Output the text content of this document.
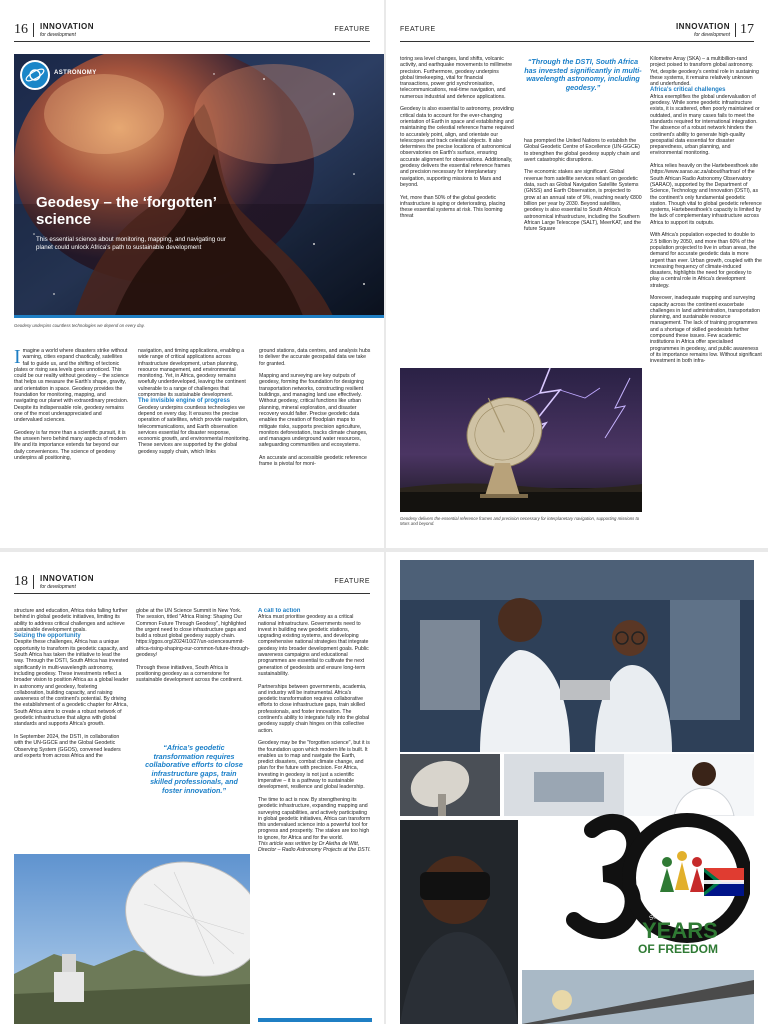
16 INNOVATION
for development
FEATURE
ASTRONOMY
Geodesy – the ‘forgotten’ science
This essential science about monitoring, mapping, and navigating our planet could unlock Africa’s path to sustainable development
Geodesy underpins countless technologies we depend on every day.
Imagine a world where disasters strike without warning, cities expand chaotically, satellites fail to guide us, and the shifting of tectonic plates or rising sea levels goes unnoticed. This could be our reality without geodesy – the science that helps us measure the Earth's shape, gravity, and orientation in space. Geodesy provides the foundation for monitoring, mapping, and navigating our planet with extraordinary precision. Despite its indispensable role, geodesy remains one of the most underappreciated and undervalued sciences.

Geodesy is far more than a scientific pursuit, it is the unseen hero behind many aspects of modern life and its importance extends far beyond our daily conveniences. The science of geodesy underpins all positioning,
navigation, and timing applications, enabling a wide range of critical applications across infrastructure development, urban planning, resource management, and environmental monitoring. Yet, in Africa, geodesy remains woefully underdeveloped, leaving the continent vulnerable to a range of challenges that compromise its sustainable development.
The invisible engine of progress
Geodesy underpins countless technologies we depend on every day. It ensures the precise operation of satellites, which provide navigation, telecommunications, and Earth observation services essential for disaster response, economic growth, and environmental monitoring. These services are supported by the global geodesy supply chain, which links
ground stations, data centres, and analysis hubs to deliver the accurate geospatial data we take for granted.

Mapping and surveying are key outputs of geodesy, forming the foundation for designing transportation networks, constructing resilient buildings, and managing land use effectively. Without geodesy, critical functions like urban planning, mineral exploration, and disaster recovery would falter. Precise geodetic data enables the creation of floodplain maps to mitigate risks, supports precision agriculture, monitors deforestation, tracks climate changes, and manages underground water resources, safeguarding communities and ecosystems.

An accurate and accessible geodetic reference frame is pivotal for moni-
FEATURE	INNOVATION
for development 17
toring sea level changes, land shifts, volcanic activity, and earthquake movements to millimetre precision. Furthermore, geodesy underpins global timekeeping, vital for financial transactions, power grid synchronisation, telecommunications, real-time navigation, and numerous industrial and defence applications.

Geodesy is also essential to astronomy, providing critical data to account for the ever-changing orientation of Earth in space and establishing and maintaining the celestial reference frame required to accurately point, align, and orientate our telescopes and track celestial objects. It also determines the precise locations of astronomical observatories on Earth's surface, ensuring accurate alignment for observations. Additionally, geodesy delivers the essential reference frames and precision necessary for interplanetary navigation, supporting missions to Mars and beyond.

Yet, more than 50% of the global geodetic infrastructure is aging or deteriorating, placing these essential systems at risk. This looming threat
“Through the DSTI, South Africa has invested significantly in multi-wavelength astronomy, including geodesy.”
has prompted the United Nations to establish the Global Geodetic Centre of Excellence (UN-GGCE) to strengthen the global geodesy supply chain and avert catastrophic disruptions.

The economic stakes are significant. Global revenue from satellite services reliant on geodetic data, such as Global Navigation Satellite Systems (GNSS) and Earth Observation, is projected to grow at an annual rate of 9%, reaching nearly €800 billion per year by 2030. Beyond satellites, geodesy is also essential to South Africa's astronomical infrastructure, including the Southern African Large Telescope (SALT), MeerKAT, and the future Square
Geodesy delivers the essential reference frames and precision necessary for interplanetary navigation, supporting missions to Mars and beyond.
Kilometre Array (SKA) – a multibillion-rand project poised to transform global astronomy. Yet, despite geodesy's central role in sustaining these systems, it remains relatively unknown and underfunded.
Africa's critical challenges
Africa exemplifies the global undervaluation of geodesy. While some geodetic infrastructure exists, it is scattered, often poorly maintained or outdated, and in many cases fails to meet the standards required for international integration. The absence of a robust network hinders the continent's ability to generate high-quality geospatial data essential for disaster preparedness, urban planning, and environmental monitoring.

Africa relies heavily on the Hartebeesthoek site (https://www.sarao.ac.za/about/hartrao/ of the South African Radio Astronomy Observatory (SARAO), supported by the Department of Science, Technology and Innovation (DSTI), as the continent's only fundamental geodetic station. Though vital to global geodetic reference systems, Hartebeesthoek's capacity is limited by the lack of complementary infrastructure across Africa to support its outputs.

With Africa's population expected to double to 2.5 billion by 2050, and more than 60% of the population projected to live in urban areas, the demand for accurate geodetic data is more urgent than ever. Urban growth, coupled with the increasing frequency of climate-induced disasters, highlights the need for geodesy to play a central role in Africa's development strategy.

Moreover, inadequate mapping and surveying capacity across the continent exacerbate challenges in land administration, transportation planning, and sustainable resource management. The lack of training programmes and a shortage of skilled geodesists further compound these issues. Few academic institutions in Africa offer specialised programmes in geodesy, and public awareness of its importance remains low. Without significant investment in both infra-
18 INNOVATION
for development
FEATURE
structure and education, Africa risks falling further behind in global geodetic initiatives, limiting its ability to address critical challenges and achieve sustainable development goals.
Seizing the opportunity
Despite these challenges, Africa has a unique opportunity to transform its geodetic capacity, and South Africa has taken the initiative to lead the way. Through the DSTI, South Africa has invested significantly in multi-wavelength astronomy, including geodesy. These investments reflect a broader vision to position Africa as a global leader in astronomy and geodesy, fostering collaboration, building capacity, and raising awareness of the continent's potential. By driving the establishment of a geodetic chapter for Africa, South Africa aims to create a robust network of geodetic infrastructure that aligns with global standards and supports Africa's growth.

In September 2024, the DSTI, in collaboration with the UN-GGCE and the Global Geodetic Observing System (GGOS), convened leaders and experts from across Africa and the
globe at the UN Science Summit in New York. The session, titled "Africa Rising: Shaping Our Common Future Through Geodesy", highlighted the urgent need to close infrastructure gaps and build a robust global geodesy supply chain. https://ggos.org/2024/10/27/un-sciencesummit-africa-rising-shaping-our-common-future-through-geodesy/

Through these initiatives, South Africa is positioning geodesy as a cornerstone for sustainable development across the continent.
“Africa’s geodetic transformation requires collaborative efforts to close infrastructure gaps, train skilled professionals, and foster innovation.”
A call to action
Africa must prioritise geodesy as a critical national infrastructure. Governments need to invest in building new geodetic stations, upgrading existing systems, and developing comprehensive national strategies that integrate geodesy into broader development goals. Public awareness campaigns and educational programmes are essential to cultivate the next generation of geodesists and ensure long-term sustainability.

Partnerships between governments, academia, and industry will be instrumental. Africa's geodetic transformation requires collaborative efforts to close infrastructure gaps, train skilled professionals, and foster innovation. The continent's ability to integrate fully into the global geodesy supply chain hinges on this collective action.

Geodesy may be the "forgotten science", but it is the foundation upon which modern life is built. It enables us to map and navigate the Earth, predict disasters, combat climate change, and plan for the future with precision. For Africa, investing in geodesy is not just a scientific imperative – it is a pathway to sustainable development, resilience and global leadership.

The time to act is now. By strengthening its geodetic infrastructure, expanding mapping and surveying capabilities, and actively participating in global geodetic initiatives, Africa can transform this undervalued science into a powerful tool for progress and prosperity. The stakes are too high to ignore, for Africa and for the world.
This article was written by Dr Aletha de Witt, Director – Radio Astronomy Projects at the DSTI.
YEARS
OF FREEDOM
South Africa 1994 - 2024
